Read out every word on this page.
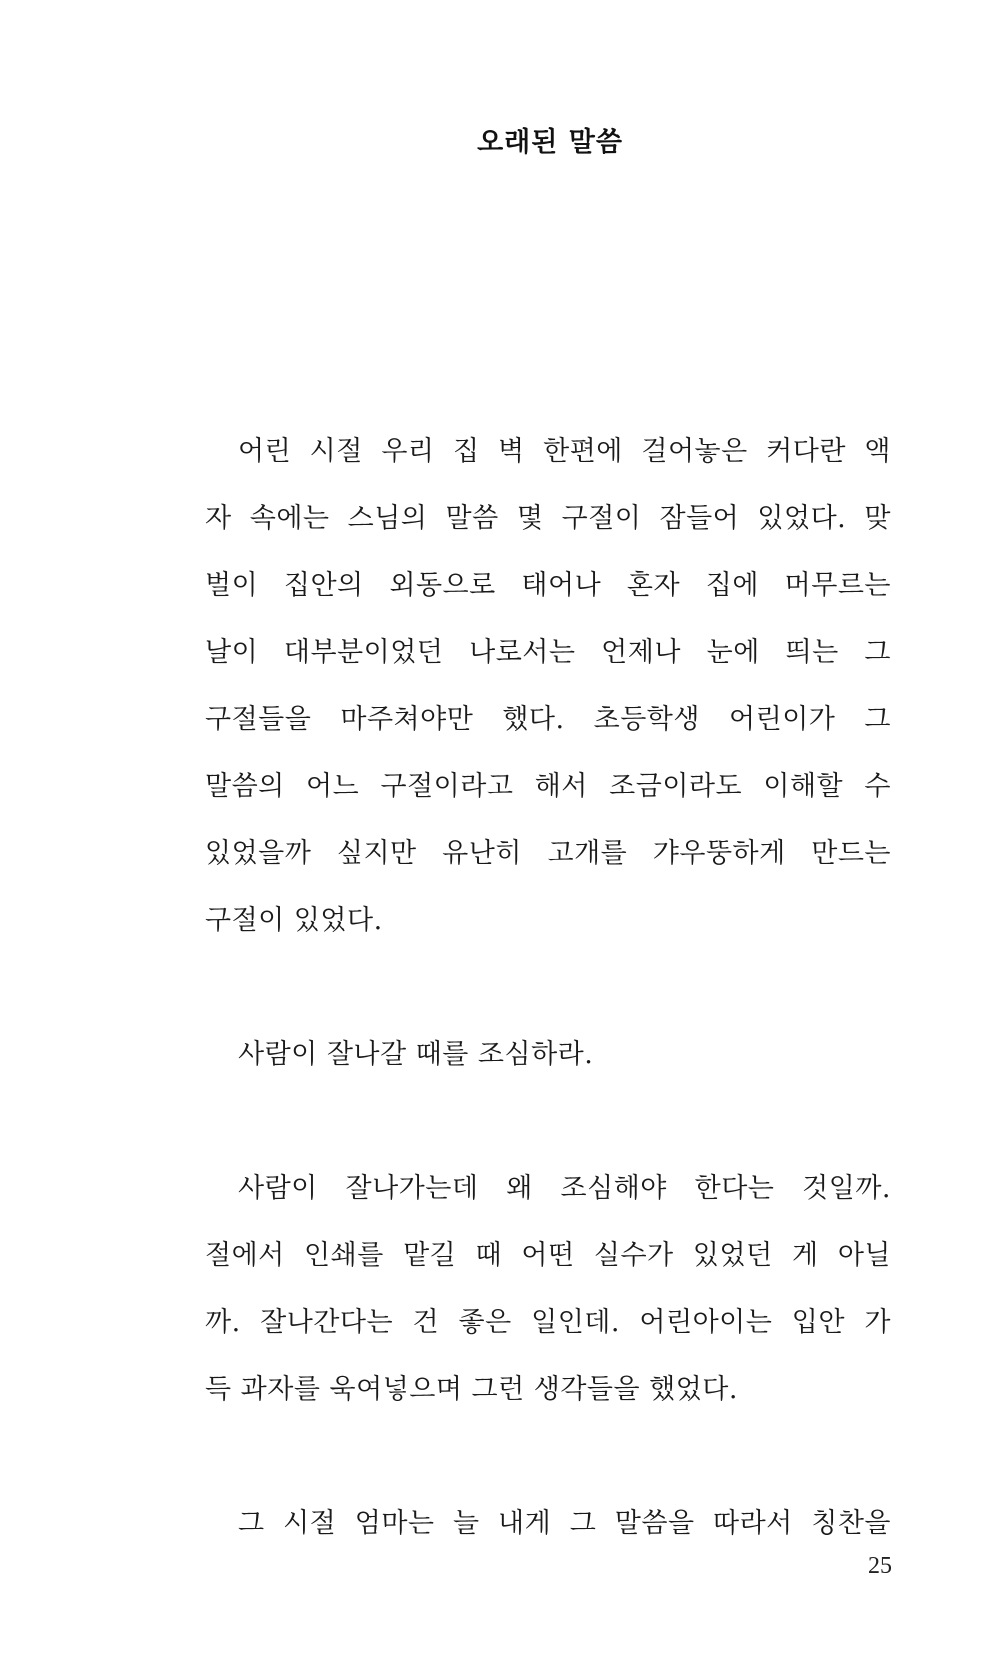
오래된 말씀
어린 시절 우리 집 벽 한편에 걸어놓은 커다란 액
자 속에는 스님의 말씀 몇 구절이 잠들어 있었다. 맞
벌이 집안의 외동으로 태어나 혼자 집에 머무르는
날이 대부분이었던 나로서는 언제나 눈에 띄는 그
구절들을 마주쳐야만 했다. 초등학생 어린이가 그
말씀의 어느 구절이라고 해서 조금이라도 이해할 수
있었을까 싶지만 유난히 고개를 갸우뚱하게 만드는
구절이 있었다.
사람이 잘나갈 때를 조심하라.
사람이 잘나가는데 왜 조심해야 한다는 것일까.
절에서 인쇄를 맡길 때 어떤 실수가 있었던 게 아닐
까. 잘나간다는 건 좋은 일인데. 어린아이는 입안 가
득 과자를 욱여넣으며 그런 생각들을 했었다.
그 시절 엄마는 늘 내게 그 말씀을 따라서 칭찬을
25
